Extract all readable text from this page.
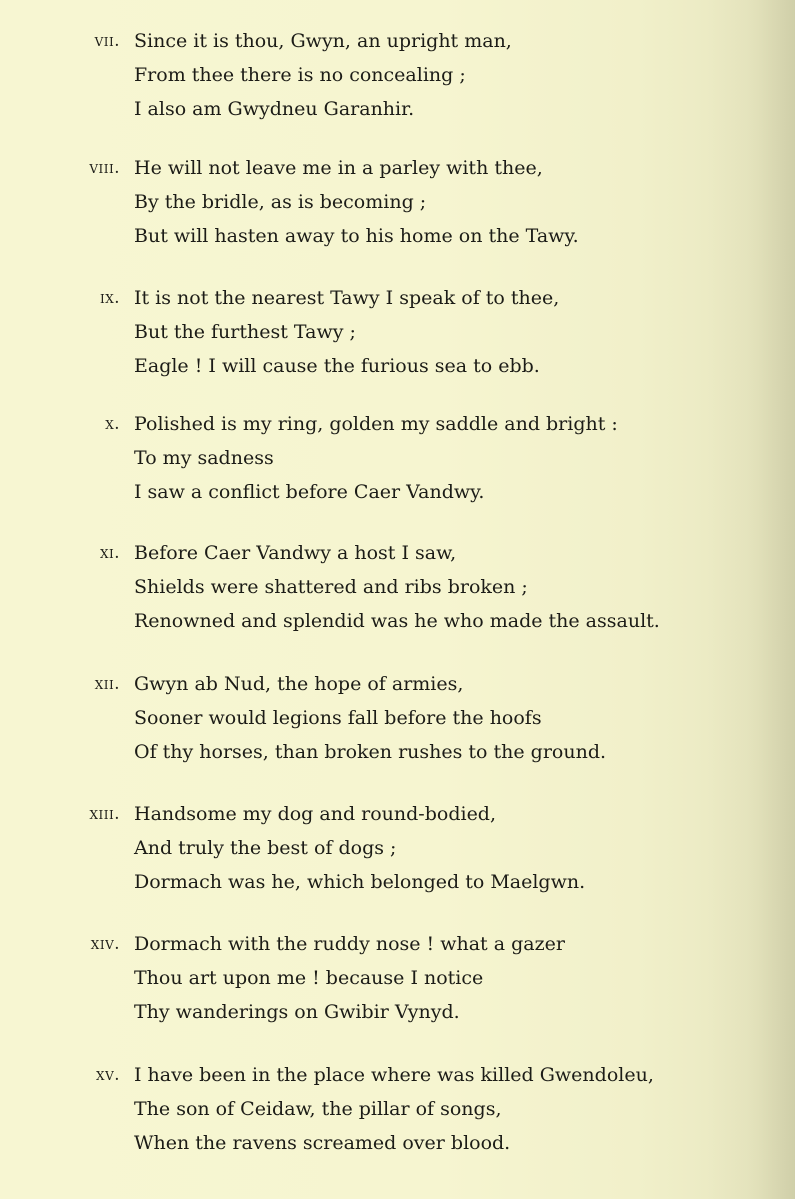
vii. Since it is thou, Gwyn, an upright man,
From thee there is no concealing ;
I also am Gwydneu Garanhir.
viii. He will not leave me in a parley with thee,
By the bridle, as is becoming ;
But will hasten away to his home on the Tawy.
ix. It is not the nearest Tawy I speak of to thee,
But the furthest Tawy ;
Eagle ! I will cause the furious sea to ebb.
x. Polished is my ring, golden my saddle and bright :
To my sadness
I saw a conflict before Caer Vandwy.
xi. Before Caer Vandwy a host I saw,
Shields were shattered and ribs broken ;
Renowned and splendid was he who made the assault.
xii. Gwyn ab Nud, the hope of armies,
Sooner would legions fall before the hoofs
Of thy horses, than broken rushes to the ground.
xiii. Handsome my dog and round-bodied,
And truly the best of dogs ;
Dormach was he, which belonged to Maelgwn.
xiv. Dormach with the ruddy nose ! what a gazer
Thou art upon me ! because I notice
Thy wanderings on Gwibir Vynyd.
xv. I have been in the place where was killed Gwendoleu,
The son of Ceidaw, the pillar of songs,
When the ravens screamed over blood.
